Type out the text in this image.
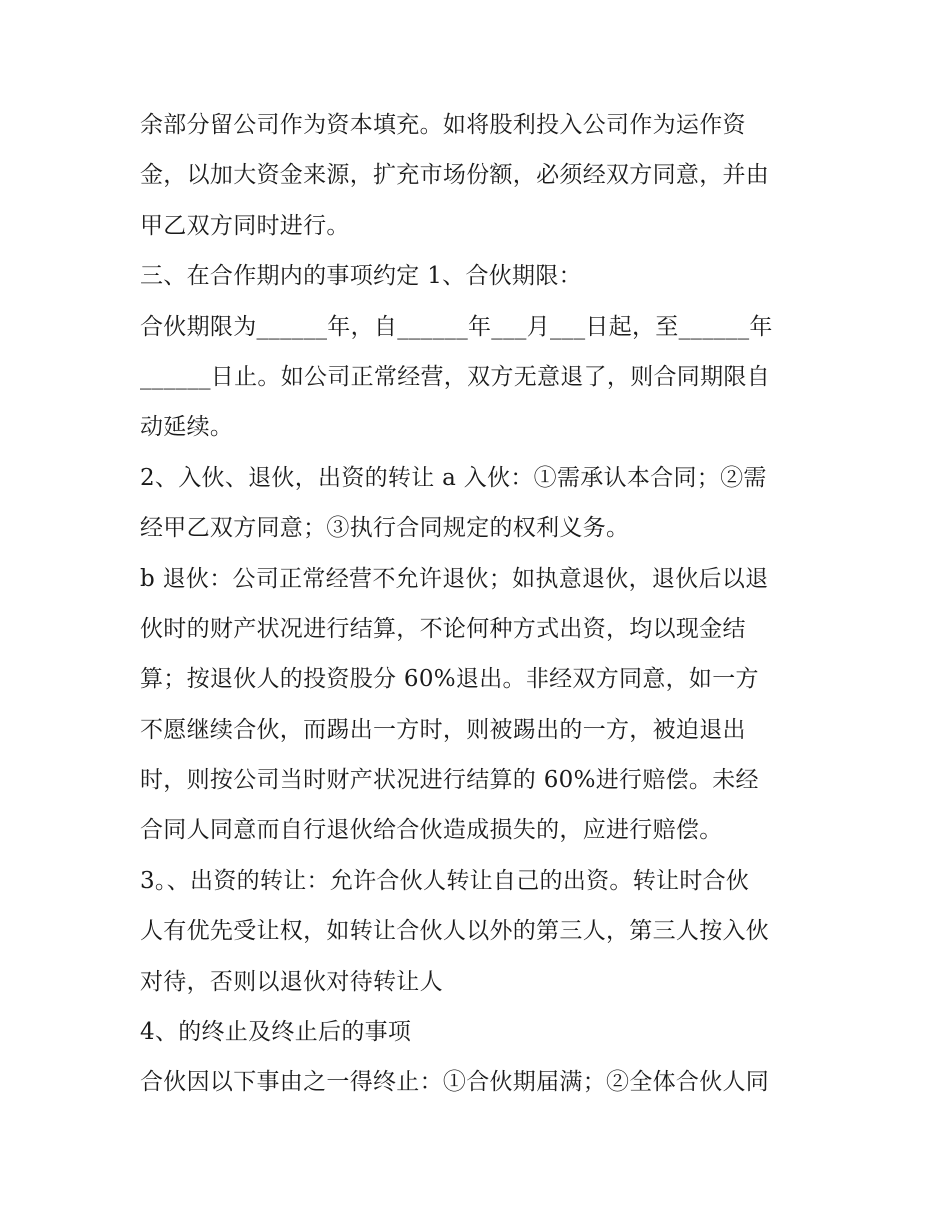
余部分留公司作为资本填充。如将股利投入公司作为运作资
金，以加大资金来源，扩充市场份额，必须经双方同意，并由
甲乙双方同时进行。
三、在合作期内的事项约定 1、合伙期限：
合伙期限为______年，自______年___月___日起，至______年
______日止。如公司正常经营，双方无意退了，则合同期限自
动延续。
2、入伙、退伙，出资的转让 a 入伙：①需承认本合同；②需
经甲乙双方同意；③执行合同规定的权利义务。
b 退伙：公司正常经营不允许退伙；如执意退伙，退伙后以退
伙时的财产状况进行结算，不论何种方式出资，均以现金结
算；按退伙人的投资股分 60%退出。非经双方同意，如一方
不愿继续合伙，而踢出一方时，则被踢出的一方，被迫退出
时，则按公司当时财产状况进行结算的 60%进行赔偿。未经
合同人同意而自行退伙给合伙造成损失的，应进行赔偿。
3。、出资的转让：允许合伙人转让自己的出资。转让时合伙
人有优先受让权，如转让合伙人以外的第三人，第三人按入伙
对待，否则以退伙对待转让人
4、的终止及终止后的事项
合伙因以下事由之一得终止：①合伙期届满；②全体合伙人同
